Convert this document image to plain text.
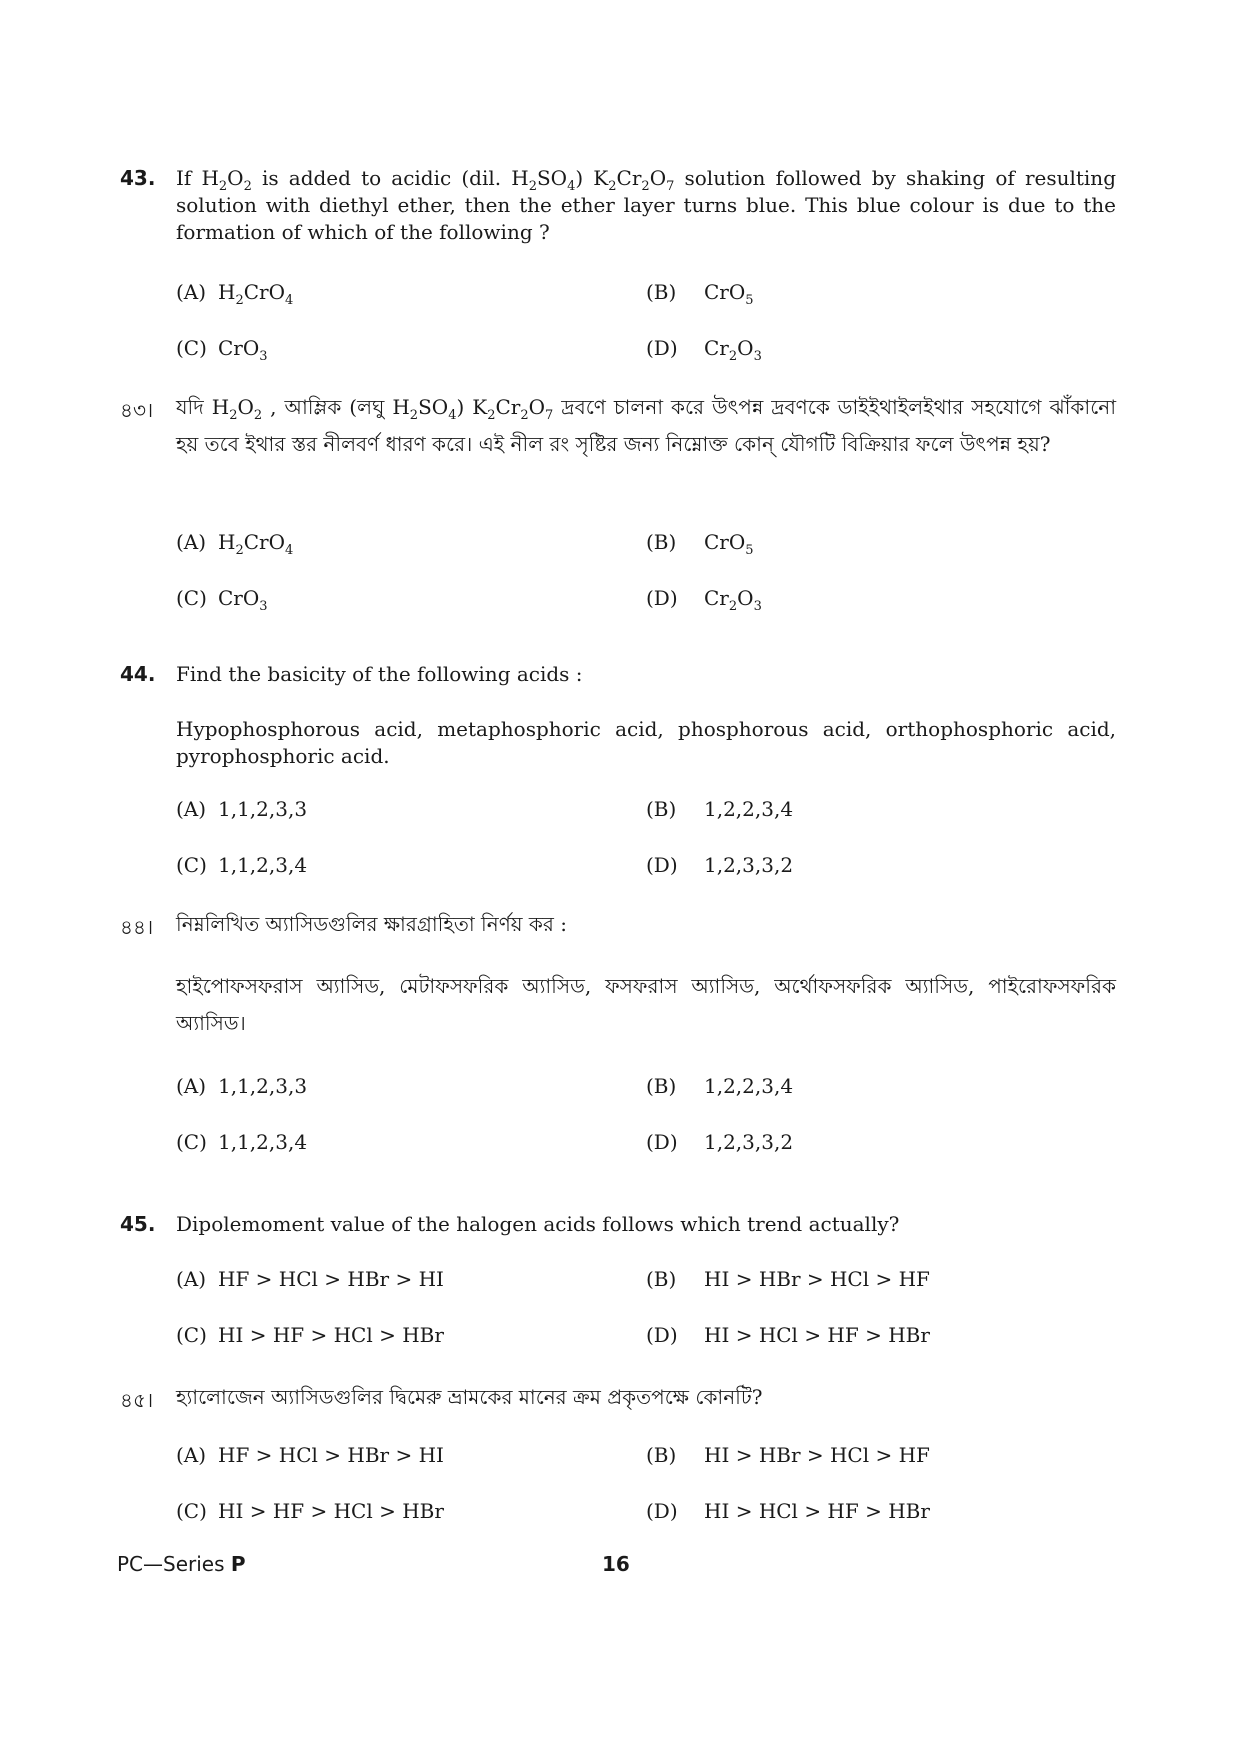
43. If $H_2O_2$ is added to acidic (dil. $H_2SO_4$) $K_2Cr_2O_7$ solution followed by shaking of resulting solution with diethyl ether, then the ether layer turns blue. This blue colour is due to the formation of which of the following ?
(A) $H_2CrO_4$	(B) CrO$_5$
(C) CrO$_3$	(D) $Cr_2O_3$
৪৩। যদি $H_2O_2$ , আম্লিক (লঘু $H_2SO_4$) $K_2Cr_2O_7$ দ্রবণে চালনা করে উৎপন্ন দ্রবণকে ডাইইথাইলইথার সহযোগে ঝাঁকানো হয় তবে ইথার স্তর নীলবর্ণ ধারণ করে। এই নীল রং সৃষ্টির জন্য নিম্নোক্ত কোন্ যৌগটি বিক্রিয়ার ফলে উৎপন্ন হয়?
(A) $H_2CrO_4$	(B) CrO$_5$
(C) CrO$_3$	(D) $Cr_2O_3$
44. Find the basicity of the following acids :
Hypophosphorous acid, metaphosphoric acid, phosphorous acid, orthophosphoric acid, pyrophosphoric acid.
(A) 1,1,2,3,3	(B) 1,2,2,3,4
(C) 1,1,2,3,4	(D) 1,2,3,3,2
৪৪। নিম্নলিখিত অ্যাসিডগুলির ক্ষারগ্রাহিতা নির্ণয় কর :
হাইপোফসফরাস অ্যাসিড, মেটাফসফরিক অ্যাসিড, ফসফরাস অ্যাসিড, অর্থোফসফরিক অ্যাসিড, পাইরোফসফরিক অ্যাসিড।
(A) 1,1,2,3,3	(B) 1,2,2,3,4
(C) 1,1,2,3,4	(D) 1,2,3,3,2
45. Dipolemoment value of the halogen acids follows which trend actually?
(A) HF > HCl > HBr > HI	(B) HI > HBr > HCl > HF
(C) HI > HF > HCl > HBr	(D) HI > HCl > HF > HBr
৪৫। হ্যালোজেন অ্যাসিডগুলির দ্বিমেরু ভ্রামকের মানের ক্রম প্রকৃতপক্ষে কোনটি?
(A) HF > HCl > HBr > HI	(B) HI > HBr > HCl > HF
(C) HI > HF > HCl > HBr	(D) HI > HCl > HF > HBr
PC—Series P	16
